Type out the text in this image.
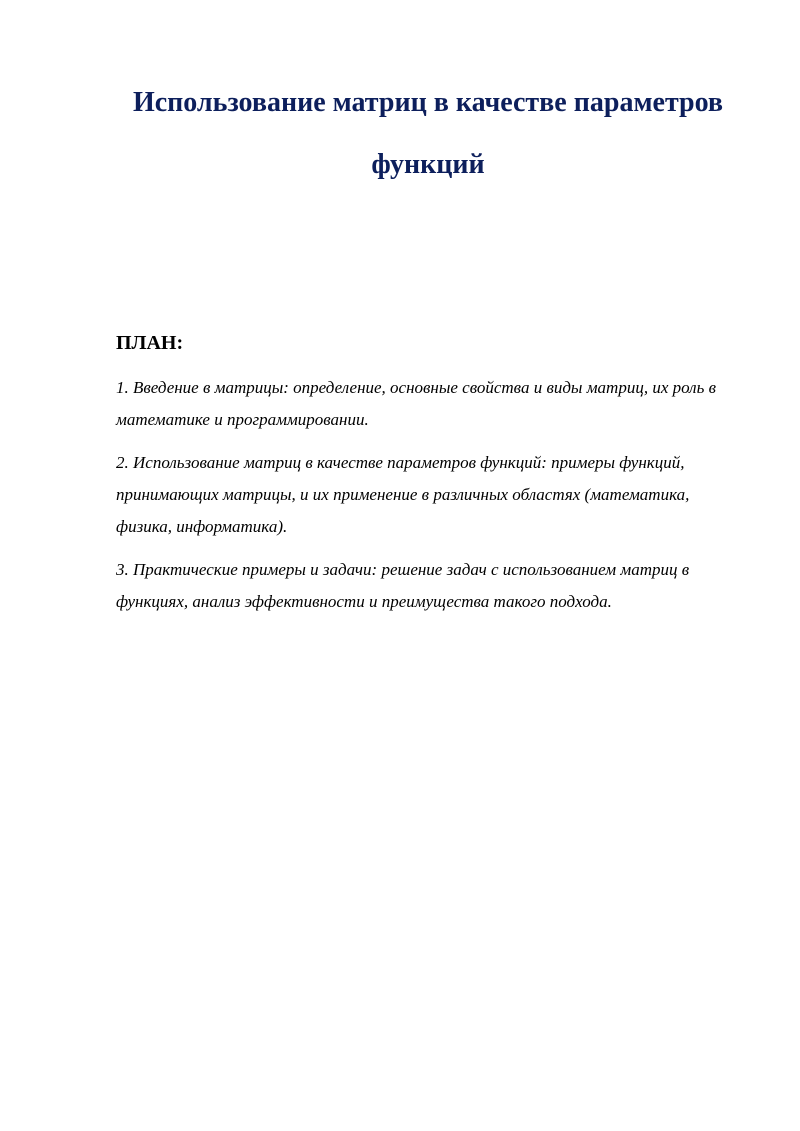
Использование матриц в качестве параметров функций
ПЛАН:
1. Введение в матрицы: определение, основные свойства и виды матриц, их роль в математике и программировании.
2. Использование матриц в качестве параметров функций: примеры функций, принимающих матрицы, и их применение в различных областях (математика, физика, информатика).
3. Практические примеры и задачи: решение задач с использованием матриц в функциях, анализ эффективности и преимущества такого подхода.
